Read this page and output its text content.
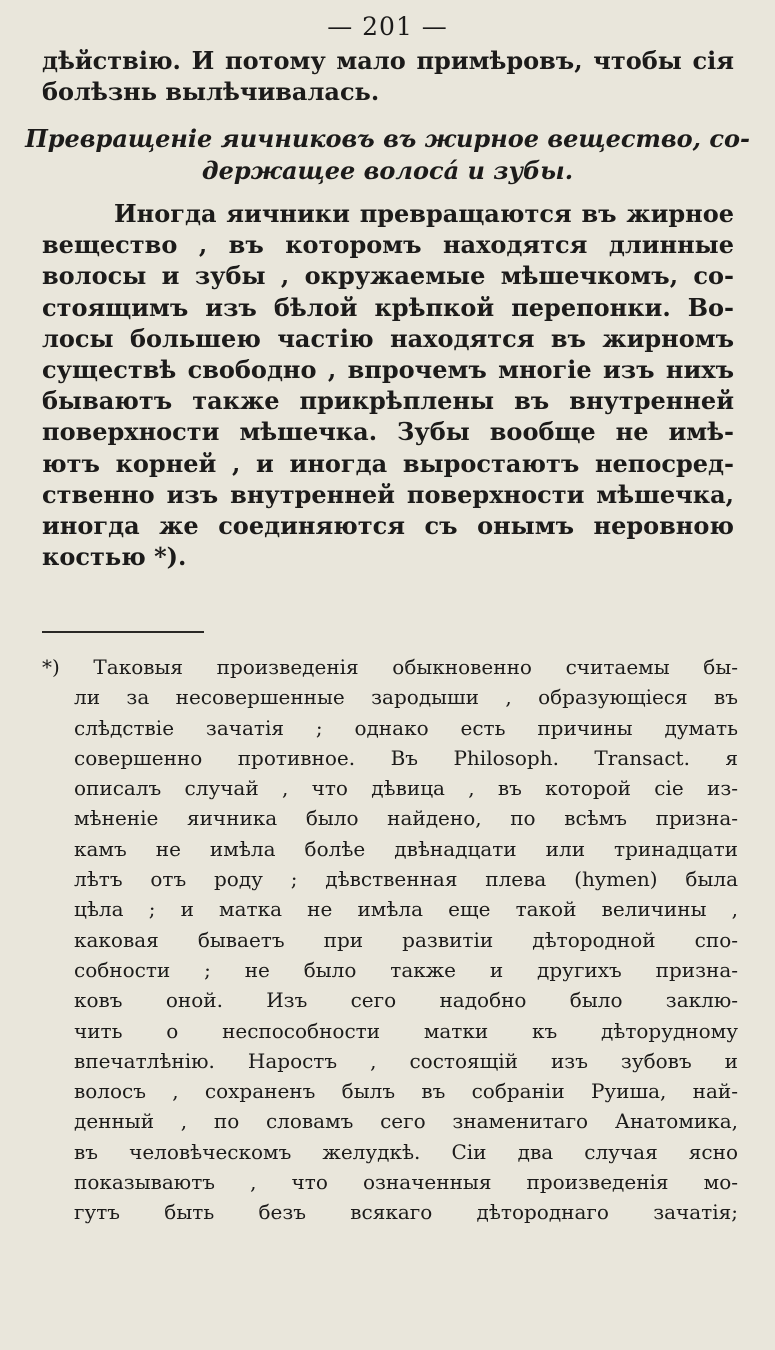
— 201 —
дѣйствію. И потому мало примѣровъ, чтобы сія
болѣзнь вылѣчивалась.
Превращеніе яичниковъ въ жирное вещество, со-
держащее волосá и зубы.
Иногда яичники превращаются въ жирное
вещество , въ которомъ находятся длинные
волосы и зубы , окружаемые мѣшечкомъ, со-
стоящимъ изъ бѣлой крѣпкой перепонки. Во-
лосы большею частію находятся въ жирномъ
существѣ свободно , впрочемъ многіе изъ нихъ
бываютъ также прикрѣплены въ внутренней
поверхности мѣшечка. Зубы вообще не имѣ-
ютъ корней , и иногда выростаютъ непосред-
ственно изъ внутренней поверхности мѣшечка,
иногда же соединяются съ онымъ неровною
костью *).
*) Таковыя произведенія обыкновенно считаемы бы-
ли за несовершенные зародыши , образующіеся въ
слѣдствіе зачатія ; однако есть причины думать
совершенно противное. Въ Philosoph. Transact. я
описалъ случай , что дѣвица , въ которой сіе из-
мѣненіе яичника было найдено, по всѣмъ призна-
камъ не имѣла болѣе двѣнадцати или тринадцати
лѣтъ отъ роду ; дѣвственная плева (hymen) была
цѣла ; и матка не имѣла еще такой величины ,
каковая бываетъ при развитіи дѣтородной спо-
собности ; не было также и другихъ призна-
ковъ оной. Изъ сего надобно было заклю-
чить о неспособности матки къ дѣторудному
впечатлѣнію. Наростъ , состоящій изъ зубовъ и
волосъ , сохраненъ былъ въ собраніи Руиша, най-
денный , по словамъ сего знаменитаго Анатомика,
въ человѣческомъ желудкѣ. Сіи два случая ясно
показываютъ , что означенныя произведенія мо-
гутъ быть безъ всякаго дѣтороднаго зачатія;
